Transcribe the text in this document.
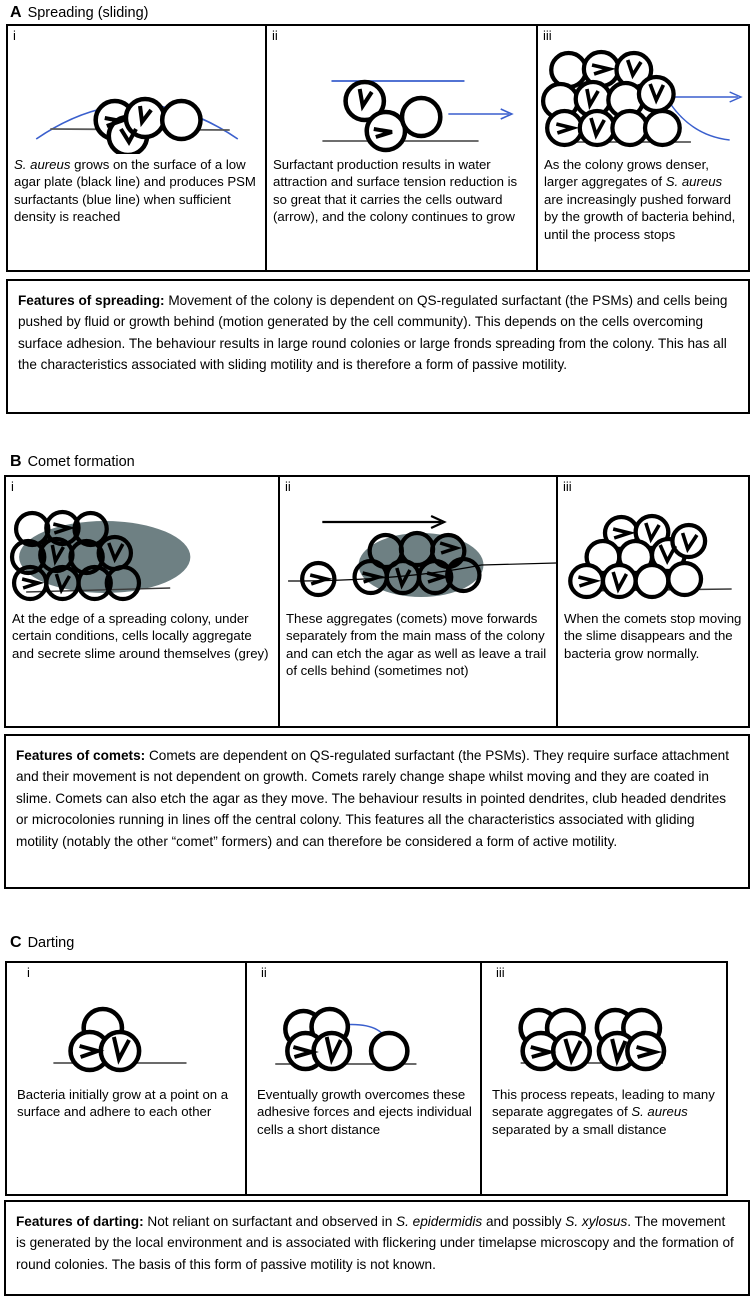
A Spreading (sliding)
i
S. aureus grows on the surface of a low agar plate (black line) and produces PSM surfactants (blue line) when sufficient density is reached
ii
Surfactant production results in water attraction and surface tension reduction is so great that it carries the cells outward (arrow), and the colony continues to grow
iii
As the colony grows denser, larger aggregates of S. aureus are increasingly pushed forward by the growth of bacteria behind, until the process stops

Features of spreading: Movement of the colony is dependent on QS-regulated surfactant (the PSMs) and cells being pushed by fluid or growth behind (motion generated by the cell community). This depends on the cells overcoming surface adhesion. The behaviour results in large round colonies or large fronds spreading from the colony. This has all the characteristics associated with sliding motility and is therefore a form of passive motility.

B Comet formation
i
At the edge of a spreading colony, under certain conditions, cells locally aggregate and secrete slime around themselves (grey)
ii
These aggregates (comets) move forwards separately from the main mass of the colony and can etch the agar as well as leave a trail of cells behind (sometimes not)
iii
When the comets stop moving the slime disappears and the bacteria grow normally.

Features of comets: Comets are dependent on QS-regulated surfactant (the PSMs). They require surface attachment and their movement is not dependent on growth. Comets rarely change shape whilst moving and they are coated in slime. Comets can also etch the agar as they move. The behaviour results in pointed dendrites, club headed dendrites or microcolonies running in lines off the central colony. This features all the characteristics associated with gliding motility (notably the other “comet” formers) and can therefore be considered a form of active motility.

C Darting
i
Bacteria initially grow at a point on a surface and adhere to each other
ii
Eventually growth overcomes these adhesive forces and ejects individual cells a short distance
iii
This process repeats, leading to many separate aggregates of S. aureus separated by a small distance

Features of darting: Not reliant on surfactant and observed in S. epidermidis and possibly S. xylosus. The movement is generated by the local environment and is associated with flickering under timelapse microscopy and the formation of round colonies. The basis of this form of passive motility is not known.
